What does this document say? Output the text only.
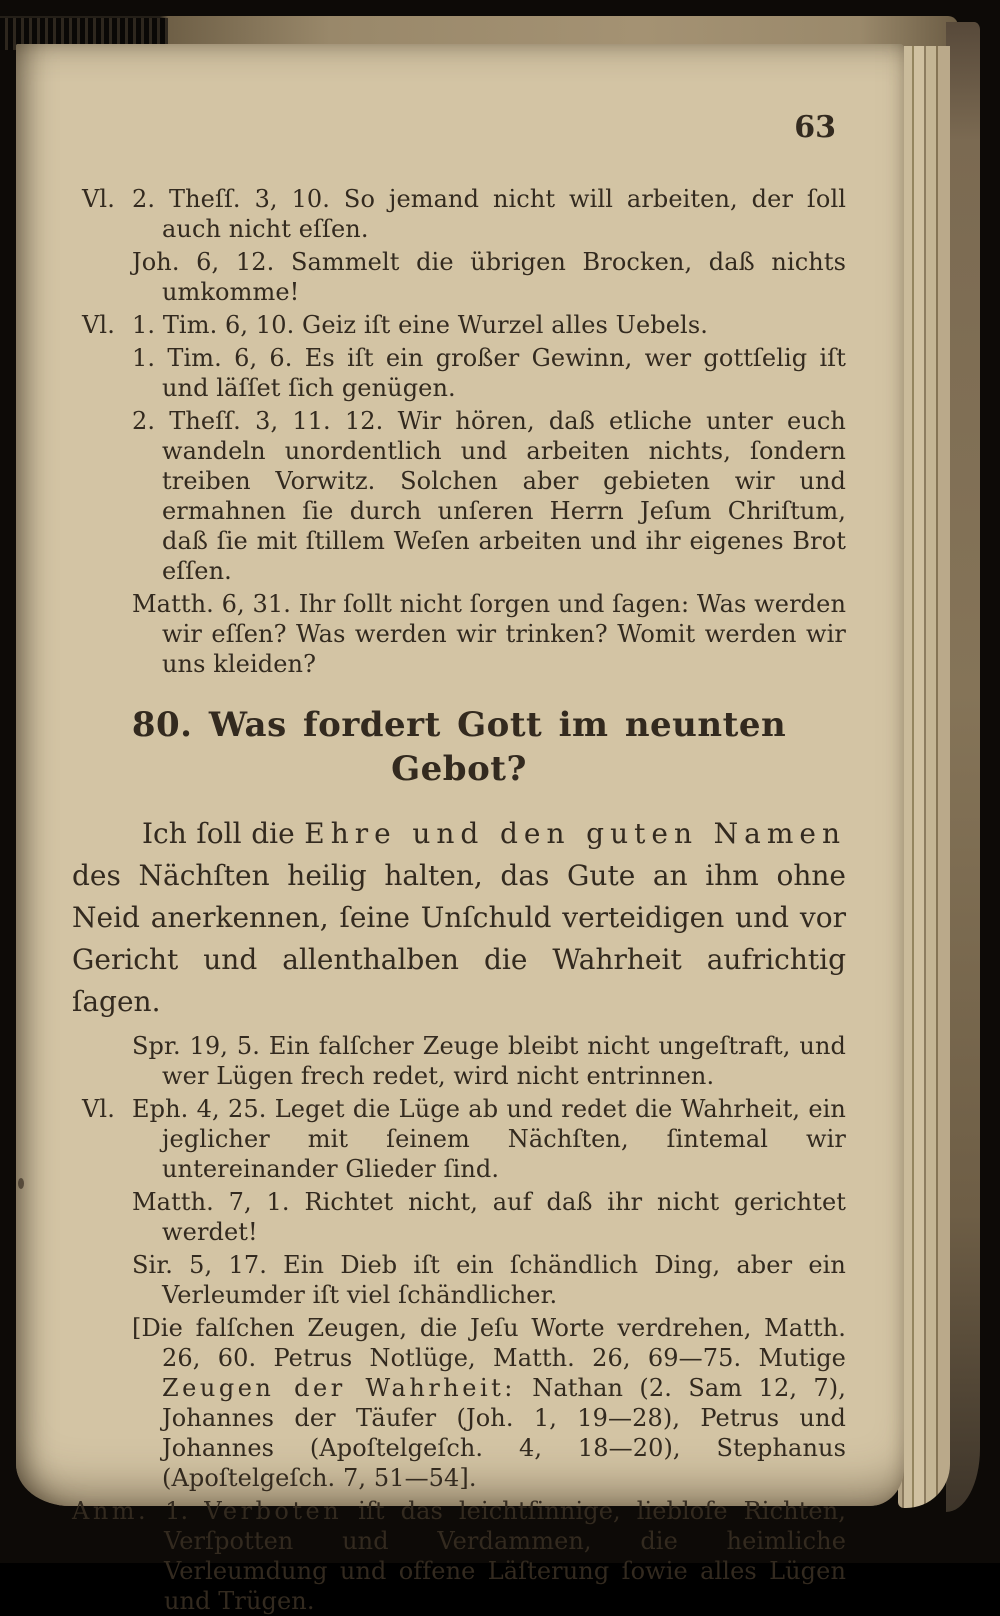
63
Vl. 2. Theſſ. 3, 10. So jemand nicht will arbeiten, der ſoll auch nicht eſſen.
Joh. 6, 12. Sammelt die übrigen Brocken, daß nichts umkomme!
Vl. 1. Tim. 6, 10. Geiz iſt eine Wurzel alles Uebels.
1. Tim. 6, 6. Es iſt ein großer Gewinn, wer gottſelig iſt und läſſet ſich genügen.
2. Theſſ. 3, 11. 12. Wir hören, daß etliche unter euch wandeln unordentlich und arbeiten nichts, ſondern treiben Vorwitz. Solchen aber gebieten wir und ermahnen ſie durch unſeren Herrn Jeſum Chriſtum, daß ſie mit ſtillem Weſen arbeiten und ihr eigenes Brot eſſen.
Matth. 6, 31. Ihr ſollt nicht ſorgen und ſagen: Was werden wir eſſen? Was werden wir trinken? Womit werden wir uns kleiden?
80. Was fordert Gott im neunten Gebot?
Ich ſoll die Ehre und den guten Namen des Nächſten heilig halten, das Gute an ihm ohne Neid anerkennen, ſeine Unſchuld verteidigen und vor Gericht und allenthalben die Wahrheit aufrichtig ſagen.
Spr. 19, 5. Ein falſcher Zeuge bleibt nicht ungeſtraft, und wer Lügen frech redet, wird nicht entrinnen.
Vl. Eph. 4, 25. Leget die Lüge ab und redet die Wahrheit, ein jeglicher mit ſeinem Nächſten, ſintemal wir untereinander Glieder ſind.
Matth. 7, 1. Richtet nicht, auf daß ihr nicht gerichtet werdet!
Sir. 5, 17. Ein Dieb iſt ein ſchändlich Ding, aber ein Verleumder iſt viel ſchändlicher.
[Die falſchen Zeugen, die Jeſu Worte verdrehen, Matth. 26, 60. Petrus Notlüge, Matth. 26, 69—75. Mutige Zeugen der Wahrheit: Nathan (2. Sam 12, 7), Johannes der Täufer (Joh. 1, 19—28), Petrus und Johannes (Apoſtelgeſch. 4, 18—20), Stephanus (Apoſtelgeſch. 7, 51—54].
Anm. 1. Verboten iſt das leichtſinnige, liebloſe Richten, Verſpotten und Verdammen, die heimliche Verleumdung und offene Läſterung ſowie alles Lügen und Trügen.
